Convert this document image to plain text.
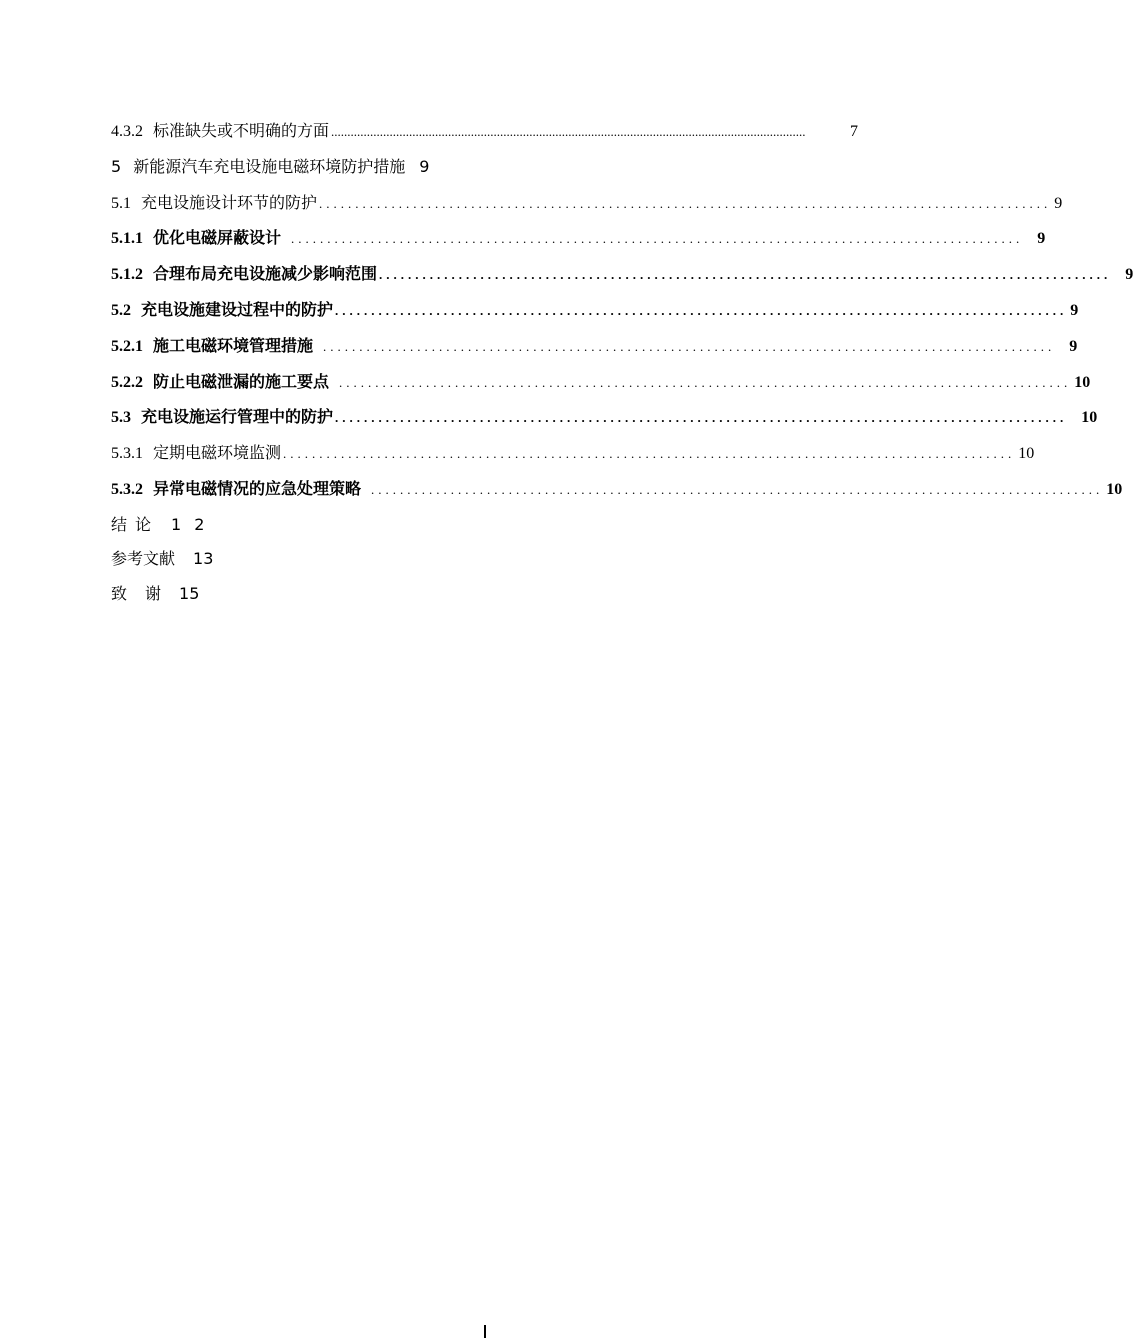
4.3.2 标准缺失或不明确的方面 ..................................................................................................................................................	7
5 新能源汽车充电设施电磁环境防护措施 9
5.1 充电设施设计环节的防护 ..................................................................................................... 9
5.1.1 优化电磁屏蔽设计 ..................................................................................................... 9
5.1.2 合理布局充电设施减少影响范围 ..................................................................................................... 9
5.2 充电设施建设过程中的防护 ..................................................................................................... 9
5.2.1 施工电磁环境管理措施 ..................................................................................................... 9
5.2.2 防止电磁泄漏的施工要点 ..................................................................................................... 10
5.3 充电设施运行管理中的防护 ..................................................................................................... 10
5.3.1 定期电磁环境监测 ..................................................................................................... 10
5.3.2 异常电磁情况的应急处理策略 ..................................................................................................... 10
结 论 1 2
参考文献 13
致 谢 15
